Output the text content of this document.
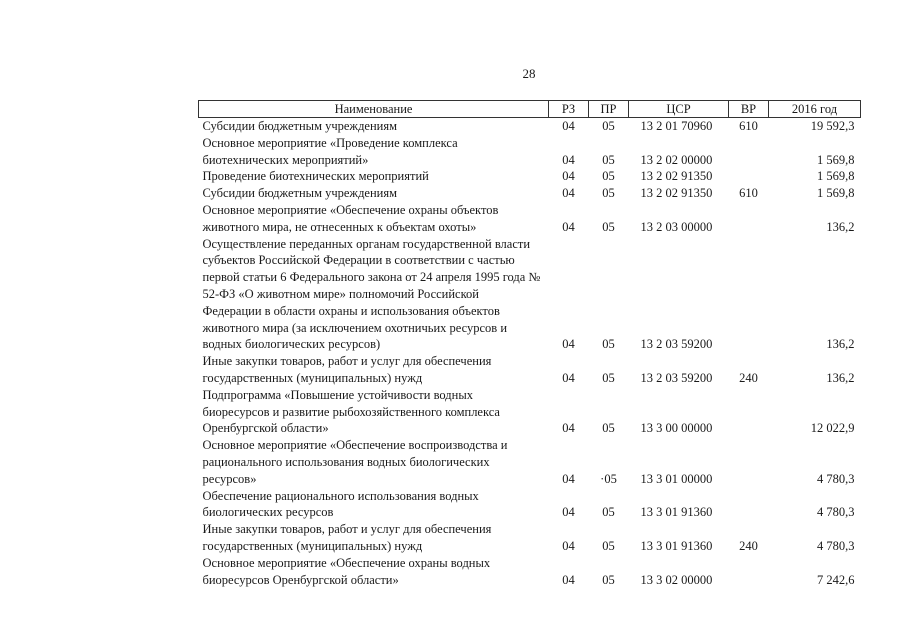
28
Наименование	РЗ	ПР	ЦСР	ВР	2016 год
Субсидии бюджетным учреждениям	04	05	13 2 01 70960	610	19 592,3
Основное мероприятие «Проведение комплекса биотехнических мероприятий»	04	05	13 2 02 00000		1 569,8
Проведение биотехнических мероприятий	04	05	13 2 02 91350		1 569,8
Субсидии бюджетным учреждениям	04	05	13 2 02 91350	610	1 569,8
Основное мероприятие «Обеспечение охраны объектов животного мира, не отнесенных к объектам охоты»	04	05	13 2 03 00000		136,2
Осуществление переданных органам государственной власти субъектов Российской Федерации в соответствии с частью первой статьи 6 Федерального закона от 24 апреля 1995 года № 52-ФЗ «О животном мире» полномочий Российской Федерации в области охраны и использования объектов животного мира (за исключением охотничьих ресурсов и водных биологических ресурсов)	04	05	13 2 03 59200		136,2
Иные закупки товаров, работ и услуг для обеспечения государственных (муниципальных) нужд	04	05	13 2 03 59200	240	136,2
Подпрограмма «Повышение устойчивости водных биоресурсов и развитие рыбохозяйственного комплекса Оренбургской области»	04	05	13 3 00 00000		12 022,9
Основное мероприятие «Обеспечение воспроизводства и рационального использования водных биологических ресурсов»	04	·05	13 3 01 00000		4 780,3
Обеспечение рационального использования водных биологических ресурсов	04	05	13 3 01 91360		4 780,3
Иные закупки товаров, работ и услуг для обеспечения государственных (муниципальных) нужд	04	05	13 3 01 91360	240	4 780,3
Основное мероприятие «Обеспечение охраны водных биоресурсов Оренбургской области»	04	05	13 3 02 00000		7 242,6
